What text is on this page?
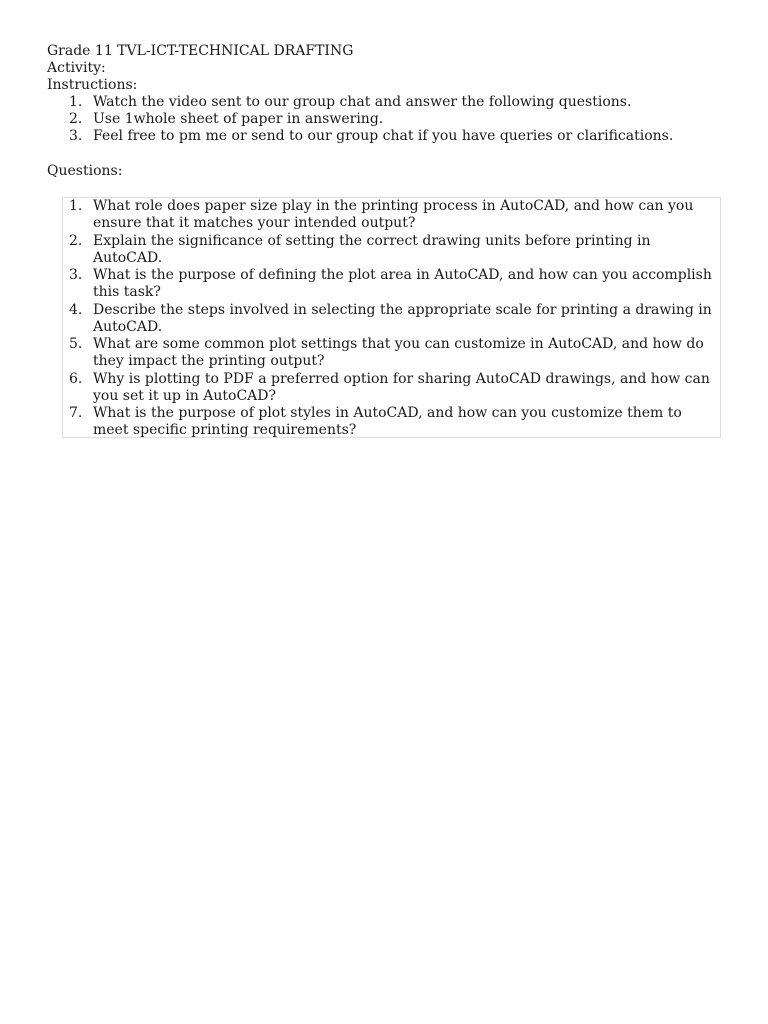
Grade 11 TVL-ICT-TECHNICAL DRAFTING
Activity:
Instructions:
1. Watch the video sent to our group chat and answer the following questions.
2. Use 1whole sheet of paper in answering.
3. Feel free to pm me or send to our group chat if you have queries or clarifications.
Questions:
1. What role does paper size play in the printing process in AutoCAD, and how can you ensure that it matches your intended output?
2. Explain the significance of setting the correct drawing units before printing in AutoCAD.
3. What is the purpose of defining the plot area in AutoCAD, and how can you accomplish this task?
4. Describe the steps involved in selecting the appropriate scale for printing a drawing in AutoCAD.
5. What are some common plot settings that you can customize in AutoCAD, and how do they impact the printing output?
6. Why is plotting to PDF a preferred option for sharing AutoCAD drawings, and how can you set it up in AutoCAD?
7. What is the purpose of plot styles in AutoCAD, and how can you customize them to meet specific printing requirements?
